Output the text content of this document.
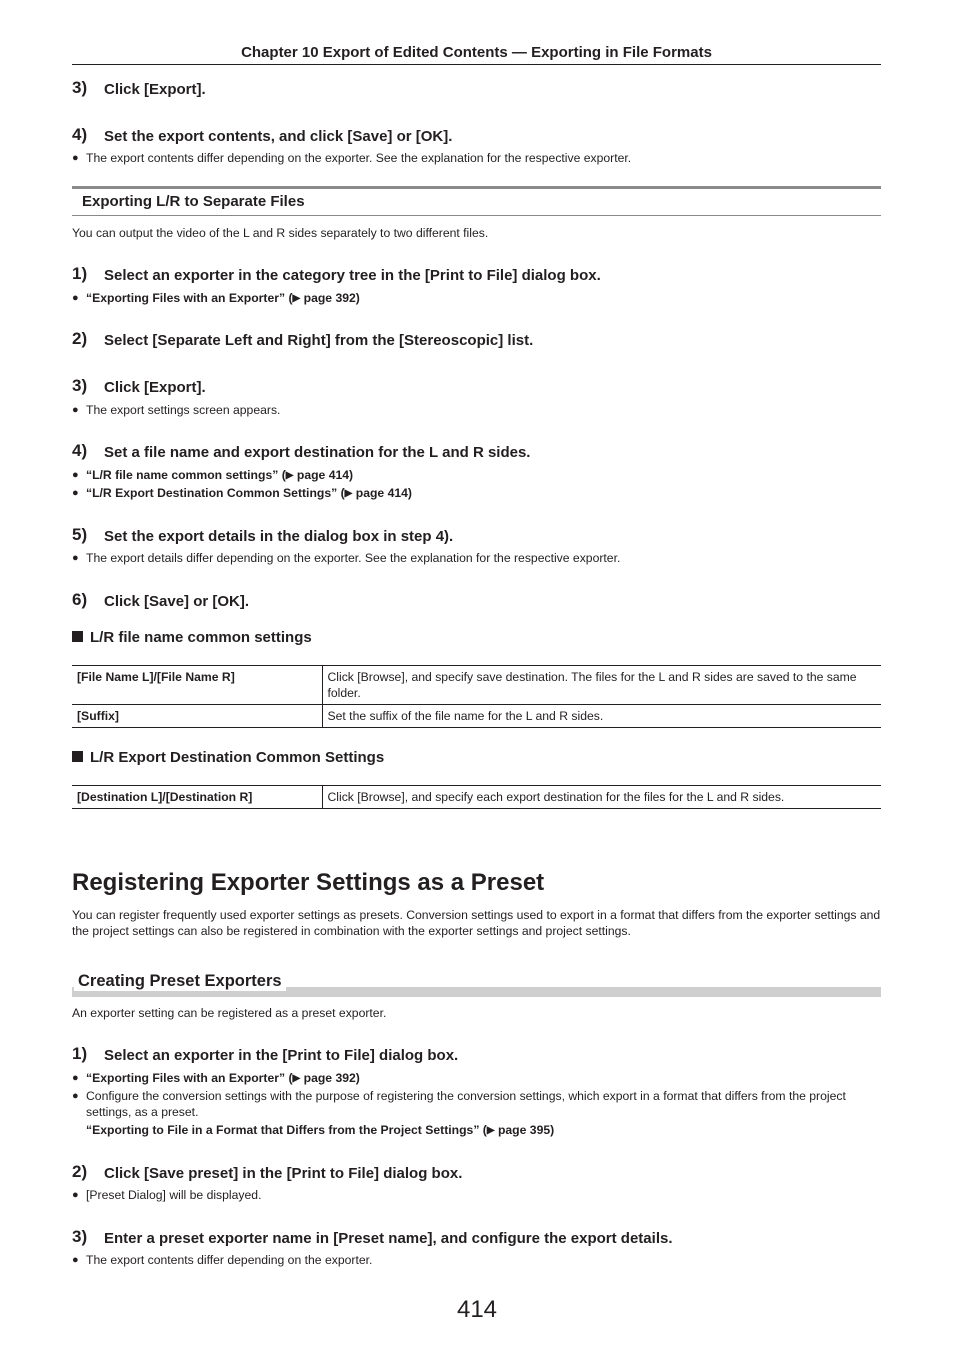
Chapter 10 Export of Edited Contents — Exporting in File Formats
3) Click [Export].
4) Set the export contents, and click [Save] or [OK].
● The export contents differ depending on the exporter. See the explanation for the respective exporter.
Exporting L/R to Separate Files
You can output the video of the L and R sides separately to two different files.
1) Select an exporter in the category tree in the [Print to File] dialog box.
● “Exporting Files with an Exporter” (▶ page 392)
2) Select [Separate Left and Right] from the [Stereoscopic] list.
3) Click [Export].
● The export settings screen appears.
4) Set a file name and export destination for the L and R sides.
● “L/R file name common settings” (▶ page 414)
● “L/R Export Destination Common Settings” (▶ page 414)
5) Set the export details in the dialog box in step 4).
● The export details differ depending on the exporter. See the explanation for the respective exporter.
6) Click [Save] or [OK].
L/R file name common settings
[File Name L]/[File Name R]	Click [Browse], and specify save destination. The files for the L and R sides are saved to the same folder.
[Suffix]	Set the suffix of the file name for the L and R sides.
L/R Export Destination Common Settings
[Destination L]/[Destination R]	Click [Browse], and specify each export destination for the files for the L and R sides.
Registering Exporter Settings as a Preset
You can register frequently used exporter settings as presets. Conversion settings used to export in a format that differs from the exporter settings and the project settings can also be registered in combination with the exporter settings and project settings.
Creating Preset Exporters
An exporter setting can be registered as a preset exporter.
1) Select an exporter in the [Print to File] dialog box.
● “Exporting Files with an Exporter” (▶ page 392)
● Configure the conversion settings with the purpose of registering the conversion settings, which export in a format that differs from the project settings, as a preset.
“Exporting to File in a Format that Differs from the Project Settings” (▶ page 395)
2) Click [Save preset] in the [Print to File] dialog box.
● [Preset Dialog] will be displayed.
3) Enter a preset exporter name in [Preset name], and configure the export details.
● The export contents differ depending on the exporter.
414
